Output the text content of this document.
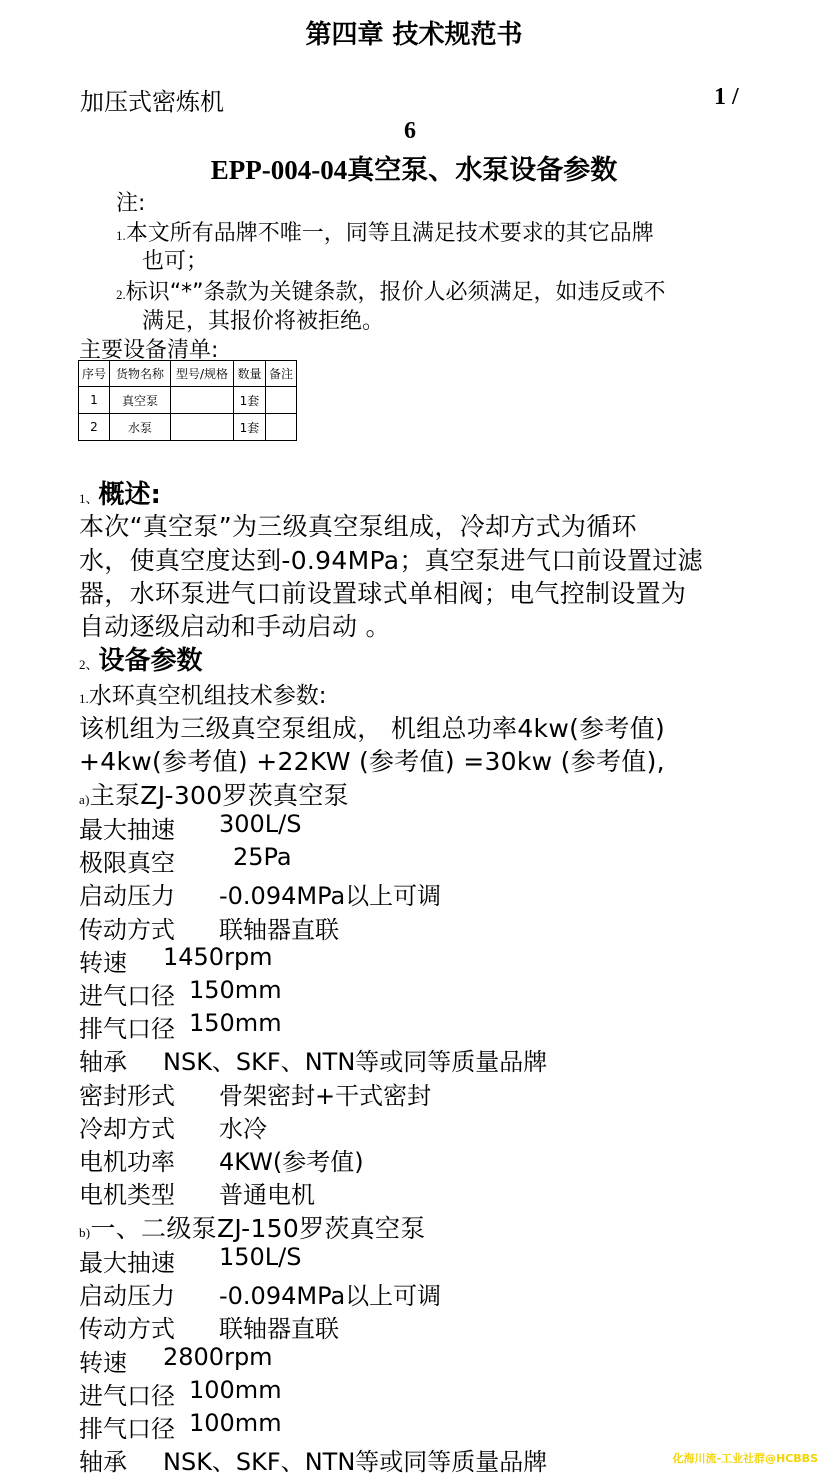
第四章 技术规范书
加压式密炼机	1 /
6
EPP-004-04真空泵、水泵设备参数
注:
1.本文所有品牌不唯一，同等且满足技术要求的其它品牌
也可；
2.标识“*”条款为关键条款，报价人必须满足，如违反或不
满足，其报价将被拒绝。
主要设备清单:
序号	货物名称	型号/规格	数量	备注
1	真空泵		1套	
2	水泵		1套	
1、概述:
本次“真空泵”为三级真空泵组成，冷却方式为循环
水，使真空度达到-0.94MPa；真空泵进气口前设置过滤
器，水环泵进气口前设置球式单相阀；电气控制设置为
自动逐级启动和手动启动 。
2、设备参数
1.水环真空机组技术参数:
该机组为三级真空泵组成， 机组总功率4kw(参考值)
+4kw(参考值) +22KW (参考值) =30kw (参考值),
a)主泵ZJ-300罗茨真空泵
最大抽速 300L/S
极限真空 25Pa
启动压力 -0.094MPa以上可调
传动方式 联轴器直联
转速 1450rpm
进气口径 150mm
排气口径 150mm
轴承 NSK、SKF、NTN等或同等质量品牌
密封形式 骨架密封+干式密封
冷却方式 水冷
电机功率 4KW(参考值)
电机类型 普通电机
b)一、二级泵ZJ-150罗茨真空泵
最大抽速 150L/S
启动压力 -0.094MPa以上可调
传动方式 联轴器直联
转速 2800rpm
进气口径 100mm
排气口径 100mm
轴承 NSK、SKF、NTN等或同等质量品牌	化海川流-工业社群@HCBBS
